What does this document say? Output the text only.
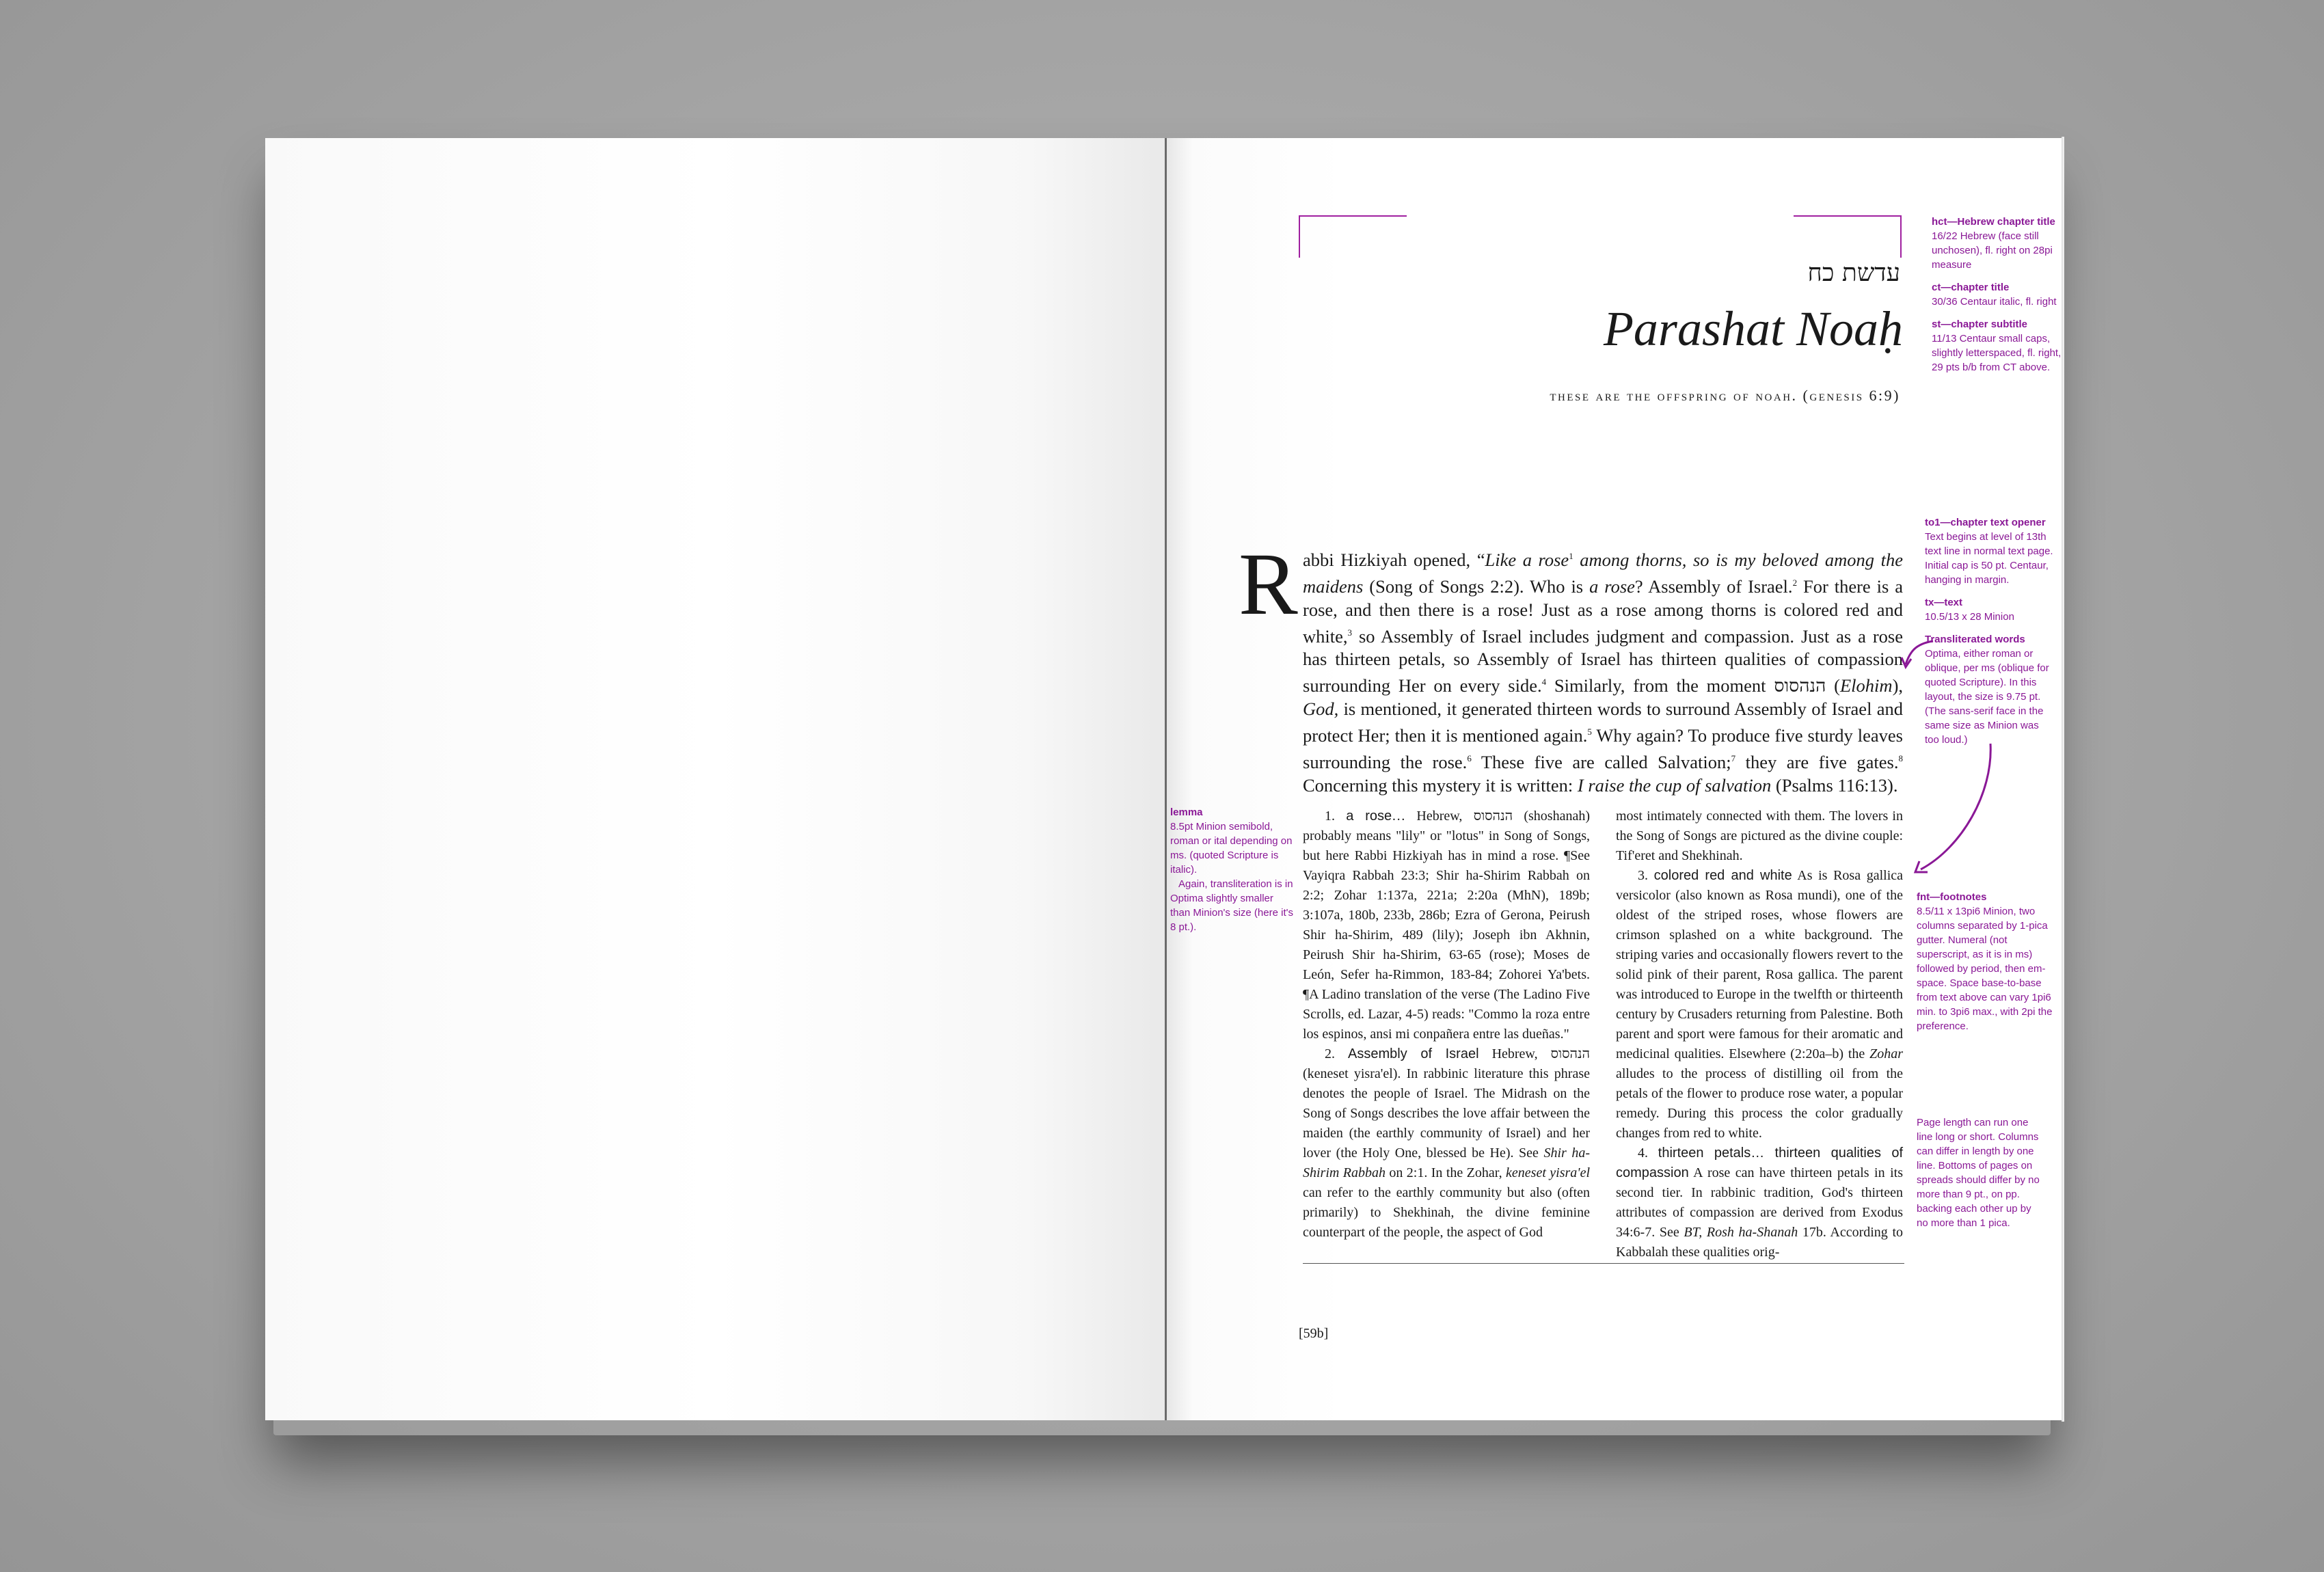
עדשת כח
Parashat Noaḥ
these are the offspring of noah. (genesis 6:9)
R abbi Hizkiyah opened, “Like a rose$^1$ among thorns, so is my beloved among the maidens (Song of Songs 2:2). Who is a rose? Assembly of Israel.$^2$ For there is a rose, and then there is a rose! Just as a rose among thorns is colored red and white,$^3$ so Assembly of Israel includes judgment and compassion. Just as a rose has thirteen petals, so Assembly of Israel has thirteen qualities of compassion surrounding Her on every side.$^4$ Similarly, from the moment הנהסוס (Elohim), God, is mentioned, it generated thirteen words to surround Assembly of Israel and protect Her; then it is mentioned again.$^5$ Why again? To produce five sturdy leaves surrounding the rose.$^6$ These five are called Salvation;$^7$ they are five gates.$^8$ Concerning this mystery it is written: I raise the cup of salvation (Psalms 116:13).

1. a rose… Hebrew, הנהסוס (shoshanah) probably means "lily" or "lotus" in Song of Songs, but here Rabbi Hizkiyah has in mind a rose. ¶See Vayiqra Rabbah 23:3; Shir ha-Shirim Rabbah on 2:2; Zohar 1:137a, 221a; 2:20a (MhN), 189b; 3:107a, 180b, 233b, 286b; Ezra of Gerona, Peirush Shir ha-Shirim, 489 (lily); Joseph ibn Akhnin, Peirush Shir ha-Shirim, 63-65 (rose); Moses de León, Sefer ha-Rimmon, 183-84; Zohorei Ya'bets. ¶A Ladino translation of the verse (The Ladino Five Scrolls, ed. Lazar, 4-5) reads: "Commo la roza entre los espinos, ansi mi conpañera entre las dueñas."

2. Assembly of Israel Hebrew, הנהסוס (keneset yisra'el). In rabbinic literature this phrase denotes the people of Israel. The Midrash on the Song of Songs describes the love affair between the maiden (the earthly community of Israel) and her lover (the Holy One, blessed be He). See Shir ha-Shirim Rabbah on 2:1. In the Zohar, keneset yisra'el can refer to the earthly community but also (often primarily) to Shekhinah, the divine feminine counterpart of the people, the aspect of God

most intimately connected with them. The lovers in the Song of Songs are pictured as the divine couple: Tif'eret and Shekhinah.

3. colored red and white As is Rosa gallica versicolor (also known as Rosa mundi), one of the oldest of the striped roses, whose flowers are crimson splashed on a white background. The striping varies and occasionally flowers revert to the solid pink of their parent, Rosa gallica. The parent was introduced to Europe in the twelfth or thirteenth century by Crusaders returning from Palestine. Both parent and sport were famous for their aromatic and medicinal qualities. Elsewhere (2:20a–b) the Zohar alludes to the process of distilling oil from the petals of the flower to produce rose water, a popular remedy. During this process the color gradually changes from red to white.

4. thirteen petals… thirteen qualities of compassion A rose can have thirteen petals in its second tier. In rabbinic tradition, God's thirteen attributes of compassion are derived from Exodus 34:6-7. See BT, Rosh ha-Shanah 17b. According to Kabbalah these qualities orig-

[59b]
hct—Hebrew chapter title
16/22 Hebrew (face still unchosen), fl. right on 28pi measure
ct—chapter title
30/36 Centaur italic, fl. right
st—chapter subtitle
11/13 Centaur small caps, slightly letterspaced, fl. right, 29 pts b/b from CT above.
to1—chapter text opener
Text begins at level of 13th text line in normal text page. Initial cap is 50 pt. Centaur, hanging in margin.
tx—text
10.5/13 x 28 Minion
Transliterated words
Optima, either roman or oblique, per ms (oblique for quoted Scripture). In this layout, the size is 9.75 pt. (The sans-serif face in the same size as Minion was too loud.)
fnt—footnotes
8.5/11 x 13pi6 Minion, two columns separated by 1-pica gutter. Numeral (not superscript, as it is in ms) followed by period, then em-space. Space base-to-base from text above can vary 1pi6 min. to 3pi6 max., with 2pi the preference.
Page length can run one line long or short. Columns can differ in length by one line. Bottoms of pages on spreads should differ by no more than 9 pt., on pp. backing each other up by no more than 1 pica.
lemma
8.5pt Minion semibold, roman or ital depending on ms. (quoted Scripture is italic).
Again, transliteration is in Optima slightly smaller than Minion's size (here it's 8 pt.).
